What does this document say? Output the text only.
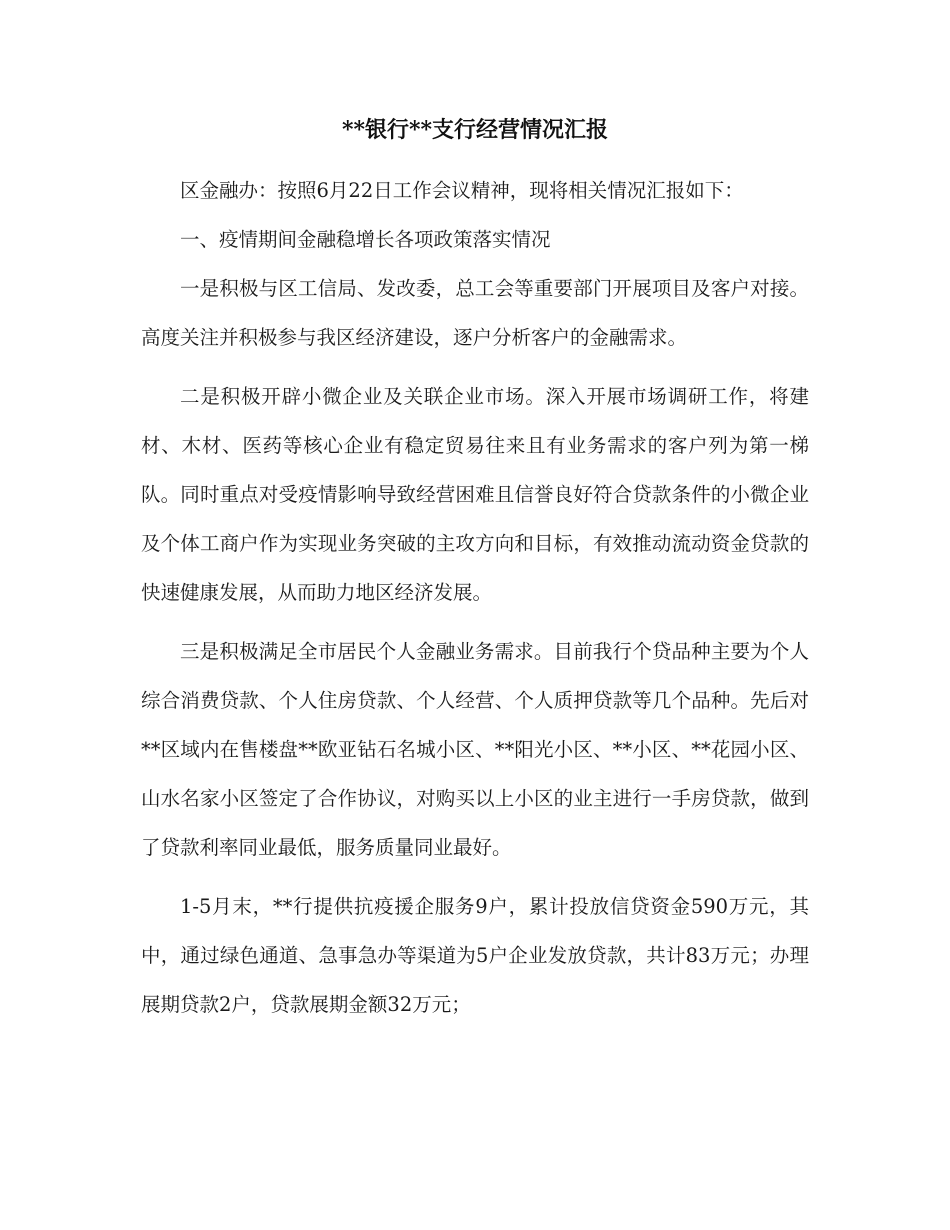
**银行**支行经营情况汇报

区金融办：按照6月22日工作会议精神，现将相关情况汇报如下：

一、疫情期间金融稳增长各项政策落实情况

一是积极与区工信局、发改委，总工会等重要部门开展项目及客户对接。高度关注并积极参与我区经济建设，逐户分析客户的金融需求。

二是积极开辟小微企业及关联企业市场。深入开展市场调研工作，将建材、木材、医药等核心企业有稳定贸易往来且有业务需求的客户列为第一梯队。同时重点对受疫情影响导致经营困难且信誉良好符合贷款条件的小微企业及个体工商户作为实现业务突破的主攻方向和目标，有效推动流动资金贷款的快速健康发展，从而助力地区经济发展。

三是积极满足全市居民个人金融业务需求。目前我行个贷品种主要为个人综合消费贷款、个人住房贷款、个人经营、个人质押贷款等几个品种。先后对**区域内在售楼盘**欧亚钻石名城小区、**阳光小区、**小区、**花园小区、山水名家小区签定了合作协议，对购买以上小区的业主进行一手房贷款，做到了贷款利率同业最低，服务质量同业最好。

1-5月末，**行提供抗疫援企服务9户，累计投放信贷资金590万元，其中，通过绿色通道、急事急办等渠道为5户企业发放贷款，共计83万元；办理展期贷款2户，贷款展期金额32万元；
